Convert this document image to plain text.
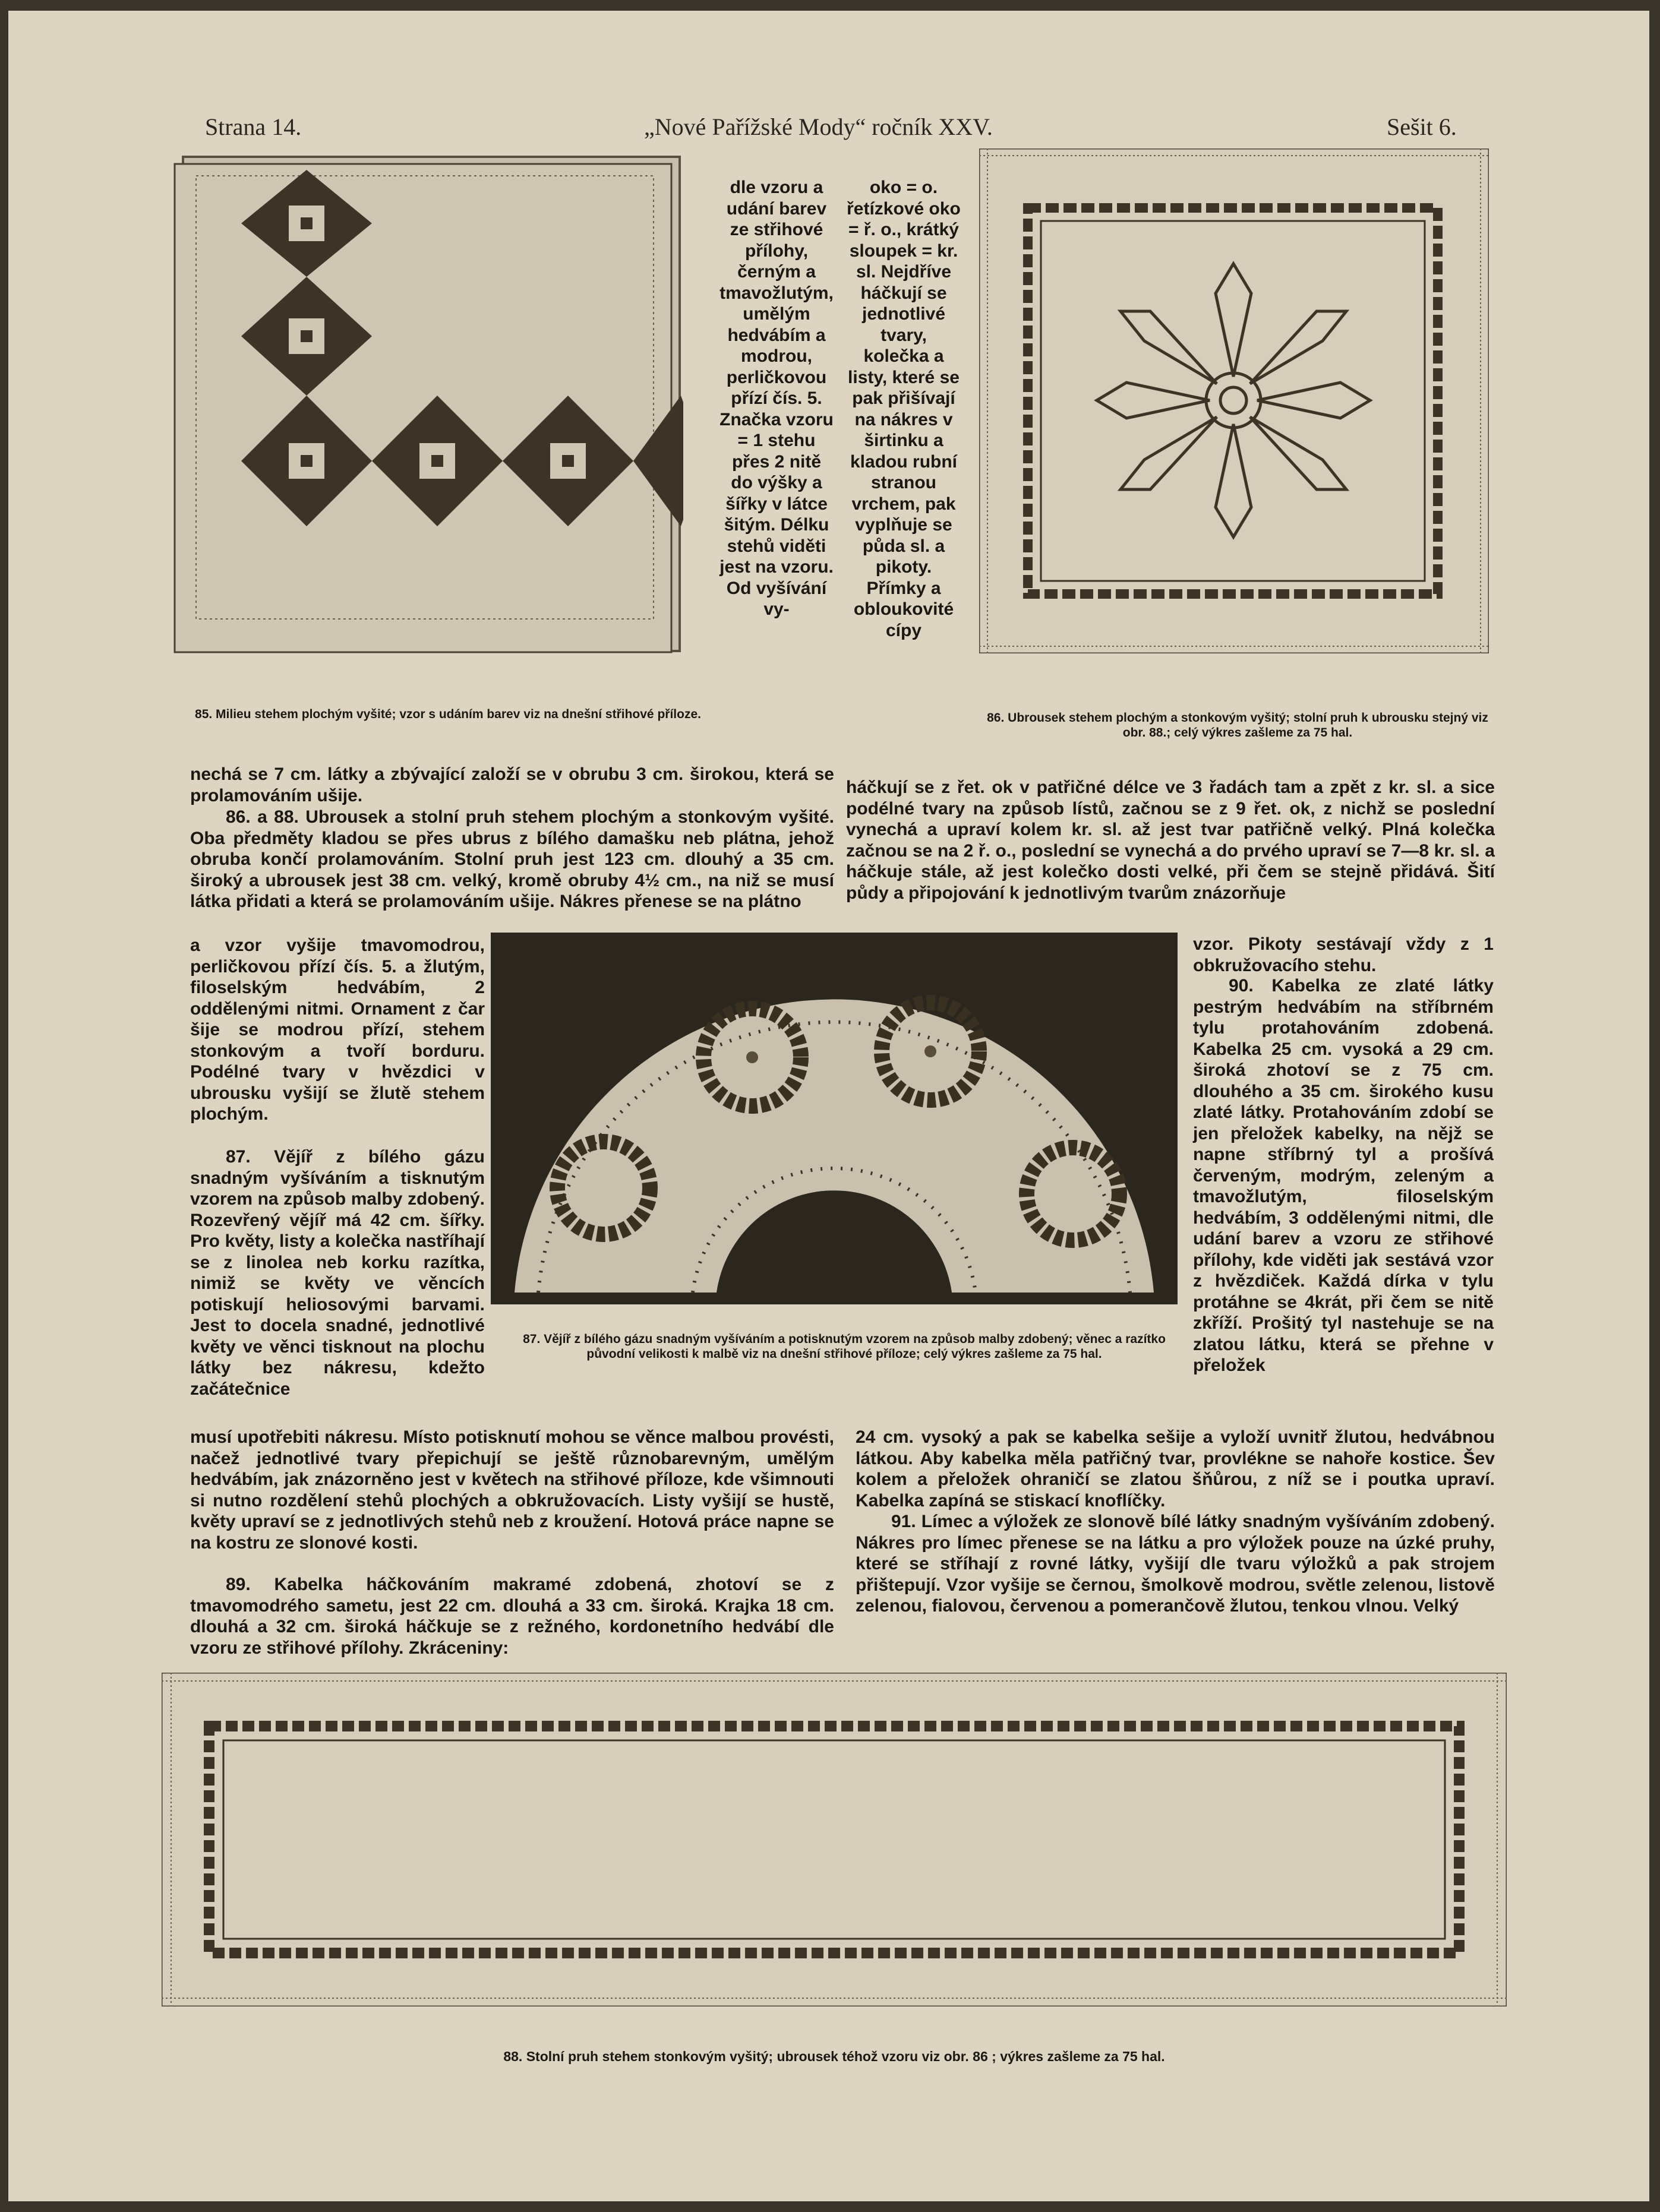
Strana 14.	„Nové Pařížské Mody“ ročník XXV.	Sešit 6.
85. Milieu stehem plochým vyšité; vzor s udáním barev viz na dnešní střihové příloze.
dle vzoru a udání barev ze střihové přílohy, černým a tmavožlutým, umělým hedvábím a modrou, perličkovou přízí čís. 5. Značka vzoru = 1 stehu přes 2 nitě do výšky a šířky v látce šitým. Délku stehů viděti jest na vzoru. Od vyšívání vy-
oko = o. řetízkové oko = ř. o., krátký sloupek = kr. sl. Nejdříve háčkují se jednotlivé tvary, kolečka a listy, které se pak přišívají na nákres v širtinku a kladou rubní stranou vrchem, pak vyplňuje se půda sl. a pikoty. Přímky a obloukovité cípy
86. Ubrousek stehem plochým a stonkovým vyšitý; stolní pruh k ubrousku stejný viz obr. 88.; celý výkres zašleme za 75 hal.
nechá se 7 cm. látky a zbývající založí se v obrubu 3 cm. širokou, která se prolamováním ušije.
86. a 88. Ubrousek a stolní pruh stehem plochým a stonkovým vyšité. Oba předměty kladou se přes ubrus z bílého damašku neb plátna, jehož obruba končí prolamováním. Stolní pruh jest 123 cm. dlouhý a 35 cm. široký a ubrousek jest 38 cm. velký, kromě obruby 4½ cm., na niž se musí látka přidati a která se prolamováním ušije. Nákres přenese se na plátno
háčkují se z řet. ok v patřičné délce ve 3 řadách tam a zpět z kr. sl. a sice podélné tvary na způsob lístů, začnou se z 9 řet. ok, z nichž se poslední vynechá a upraví kolem kr. sl. až jest tvar patřičně velký. Plná kolečka začnou se na 2 ř. o., poslední se vynechá a do prvého upraví se 7—8 kr. sl. a háčkuje stále, až jest kolečko dosti velké, při čem se stejně přidává. Šití půdy a připojování k jednotlivým tvarům znázorňuje
a vzor vyšije tmavomodrou, perličkovou přízí čís. 5. a žlutým, filoselským hedvábím, 2 oddělenými nitmi. Ornament z čar šije se modrou přízí, stehem stonkovým a tvoří borduru. Podélné tvary v hvězdici v ubrousku vyšijí se žlutě stehem plochým.
87. Vějíř z bílého gázu snadným vyšíváním a tisknutým vzorem na způsob malby zdobený. Rozevřený vějíř má 42 cm. šířky. Pro květy, listy a kolečka nastříhají se z linolea neb korku razítka, nimiž se květy ve věncích potiskují heliosovými barvami. Jest to docela snadné, jednotlivé květy ve věnci tisknout na plochu látky bez nákresu, kdežto začátečnice
87. Vějíř z bílého gázu snadným vyšíváním a potisknutým vzorem na způsob malby zdobený; věnec a razítko původní velikosti k malbě viz na dnešní střihové příloze; celý výkres zašleme za 75 hal.
vzor. Pikoty sestávají vždy z 1 obkružovacího stehu.
90. Kabelka ze zlaté látky pestrým hedvábím na stříbrném tylu protahováním zdobená. Kabelka 25 cm. vysoká a 29 cm. široká zhotoví se z 75 cm. dlouhého a 35 cm. širokého kusu zlaté látky. Protahováním zdobí se jen přeložek kabelky, na nějž se napne stříbrný tyl a prošívá červeným, modrým, zeleným a tmavožlutým, filoselským hedvábím, 3 oddělenými nitmi, dle udání barev a vzoru ze střihové přílohy, kde viděti jak sestává vzor z hvězdiček. Každá dírka v tylu protáhne se 4krát, při čem se nitě zkříží. Prošitý tyl nastehuje se na zlatou látku, která se přehne v přeložek
musí upotřebiti nákresu. Místo potisknutí mohou se věnce malbou provésti, načež jednotlivé tvary přepichují se ještě různobarevným, umělým hedvábím, jak znázorněno jest v květech na střihové příloze, kde všimnouti si nutno rozdělení stehů plochých a obkružovacích. Listy vyšijí se hustě, květy upraví se z jednotlivých stehů neb z kroužení. Hotová práce napne se na kostru ze slonové kosti.
89. Kabelka háčkováním makramé zdobená, zhotoví se z tmavomodrého sametu, jest 22 cm. dlouhá a 33 cm. široká. Krajka 18 cm. dlouhá a 32 cm. široká háčkuje se z režného, kordonetního hedvábí dle vzoru ze střihové přílohy. Zkráceniny:
24 cm. vysoký a pak se kabelka sešije a vyloží uvnitř žlutou, hedvábnou látkou. Aby kabelka měla patřičný tvar, provlékne se nahoře kostice. Šev kolem a přeložek ohraničí se zlatou šňůrou, z níž se i poutka upraví. Kabelka zapíná se stiskací knoflíčky.
91. Límec a výložek ze slonově bílé látky snadným vyšíváním zdobený. Nákres pro límec přenese se na látku a pro výložek pouze na úzké pruhy, které se stříhají z rovné látky, vyšijí dle tvaru výložků a pak strojem přištepují. Vzor vyšije se černou, šmolkově modrou, světle zelenou, listově zelenou, fialovou, červenou a pomerančově žlutou, tenkou vlnou. Velký
88. Stolní pruh stehem stonkovým vyšitý; ubrousek téhož vzoru viz obr. 86 ; výkres zašleme za 75 hal.
